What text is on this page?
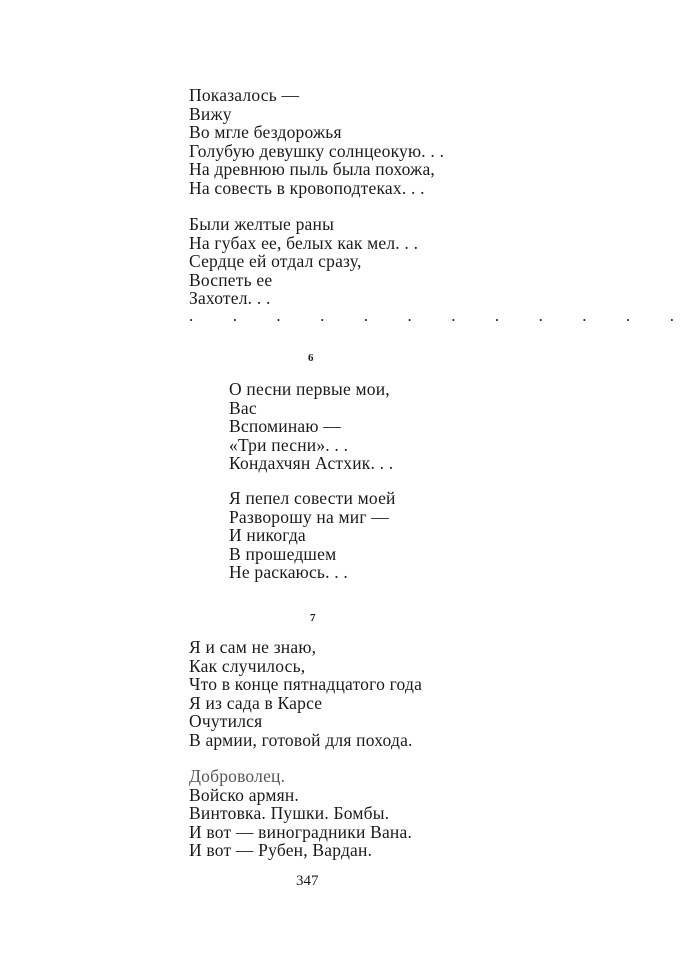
Показалось —
Вижу
Во мгле бездорожья
Голубую девушку солнцеокую. . .
На древнюю пыль была похожа,
На совесть в кровоподтеках. . .
Были желтые раны
На губах ее, белых как мел. . .
Сердце ей отдал сразу,
Воспеть ее
Захотел. . .
. . . . . . . . . . . .
6
О песни первые мои,
Вас
Вспоминаю —
«Три песни». . .
Кондахчян Астхик. . .
Я пепел совести моей
Разворошу на миг —
И никогда
В прошедшем
Не раскаюсь. . .
7
Я и сам не знаю,
Как случилось,
Что в конце пятнадцатого года
Я из сада в Карсе
Очутился
В армии, готовой для похода.
Доброволец.
Войско армян.
Винтовка. Пушки. Бомбы.
И вот — виноградники Вана.
И вот — Рубен, Вардан.
347
